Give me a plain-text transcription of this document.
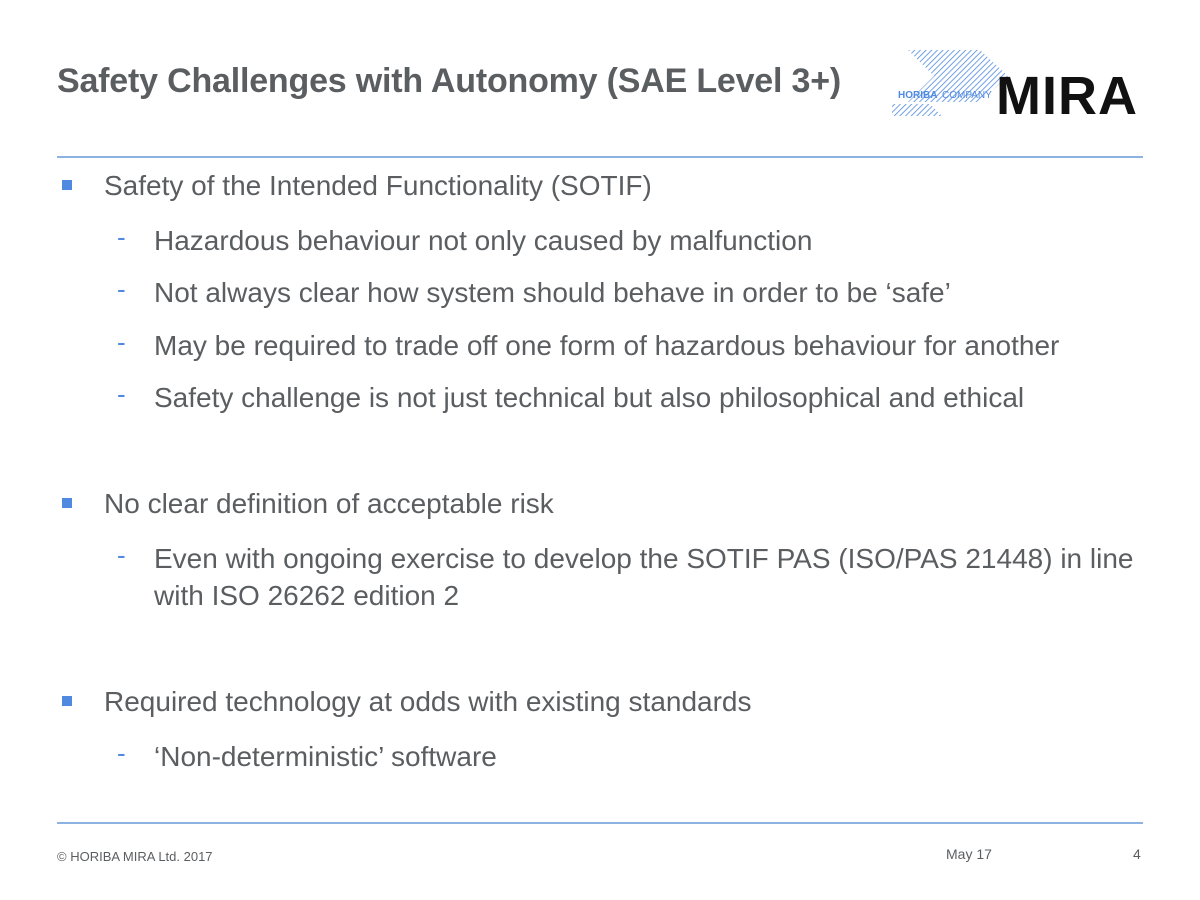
Safety Challenges with Autonomy (SAE Level 3+)	HORIBA COMPANY MIRA
Safety of the Intended Functionality (SOTIF)
-	Hazardous behaviour not only caused by malfunction
-	Not always clear how system should behave in order to be ‘safe’
-	May be required to trade off one form of hazardous behaviour for another
-	Safety challenge is not just technical but also philosophical and ethical
No clear definition of acceptable risk
-	Even with ongoing exercise to develop the SOTIF PAS (ISO/PAS 21448) in line with ISO 26262 edition 2
Required technology at odds with existing standards
-	‘Non-deterministic’ software
© HORIBA MIRA Ltd. 2017	May 17	4
